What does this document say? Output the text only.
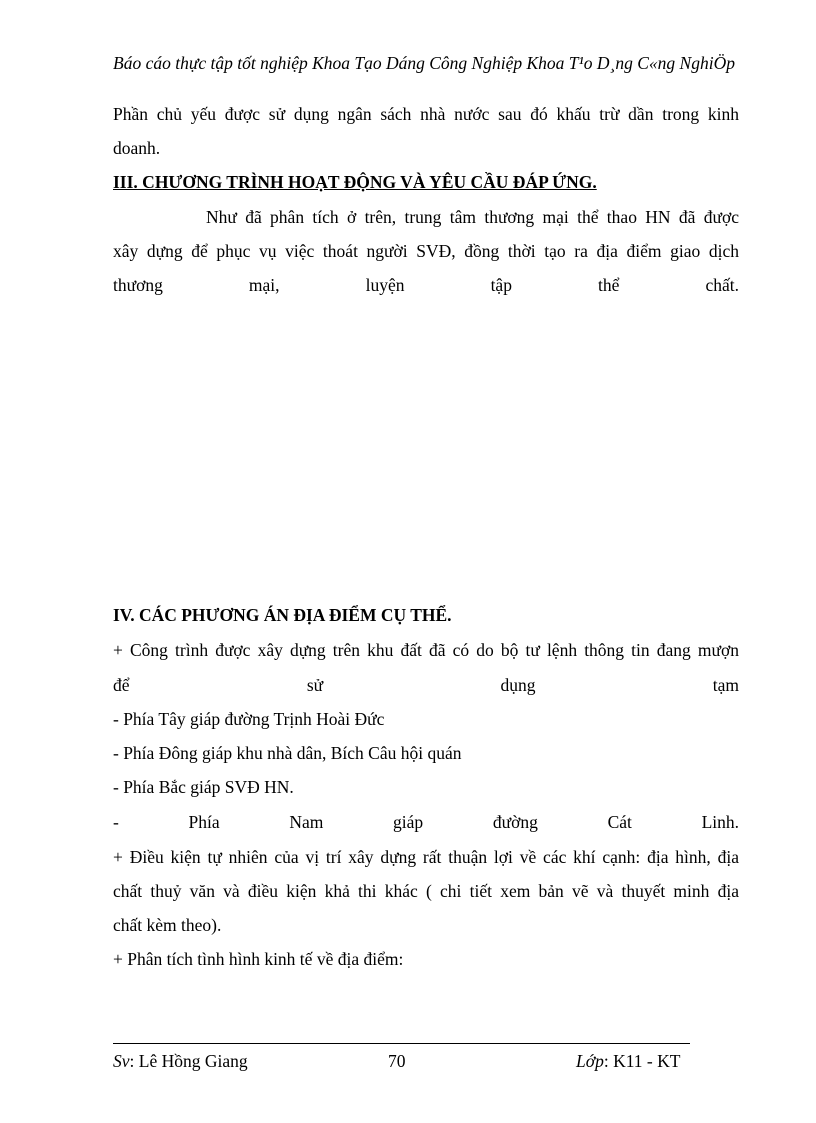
Báo cáo thực tập tốt nghiệp Khoa Tạo Dáng Công Nghiệp Khoa T¹o D¸ng C«ng NghiÖp
Phần chủ yếu được sử dụng ngân sách nhà nước sau đó khấu trừ dần trong kinh
doanh.
III. CHƯƠNG TRÌNH HOẠT ĐỘNG VÀ YÊU CẦU ĐÁP ỨNG.
Như đã phân tích ở trên, trung tâm thương mại thể thao HN đã được
xây dựng để phục vụ việc thoát người SVĐ, đồng thời tạo ra địa điểm giao dịch
thương mại, luyện tập thể chất.
IV. CÁC PHƯƠNG ÁN ĐỊA ĐIỂM CỤ THỂ.
+ Công trình được xây dựng trên khu đất đã có do bộ tư lệnh thông tin đang mượn
để sử dụng tạm
- Phía Tây giáp đường Trịnh Hoài Đức
- Phía Đông giáp khu nhà dân, Bích Câu hội quán
- Phía Bắc giáp SVĐ HN.
- Phía Nam giáp đường Cát Linh.
+ Điều kiện tự nhiên của vị trí xây dựng rất thuận lợi về các khí cạnh: địa hình, địa
chất thuỷ văn và điều kiện khả thi khác ( chi tiết xem bản vẽ và thuyết minh địa
chất kèm theo).
+ Phân tích tình hình kinh tế về địa điểm:
Sv: Lê Hồng Giang	70	Lớp: K11 - KT
